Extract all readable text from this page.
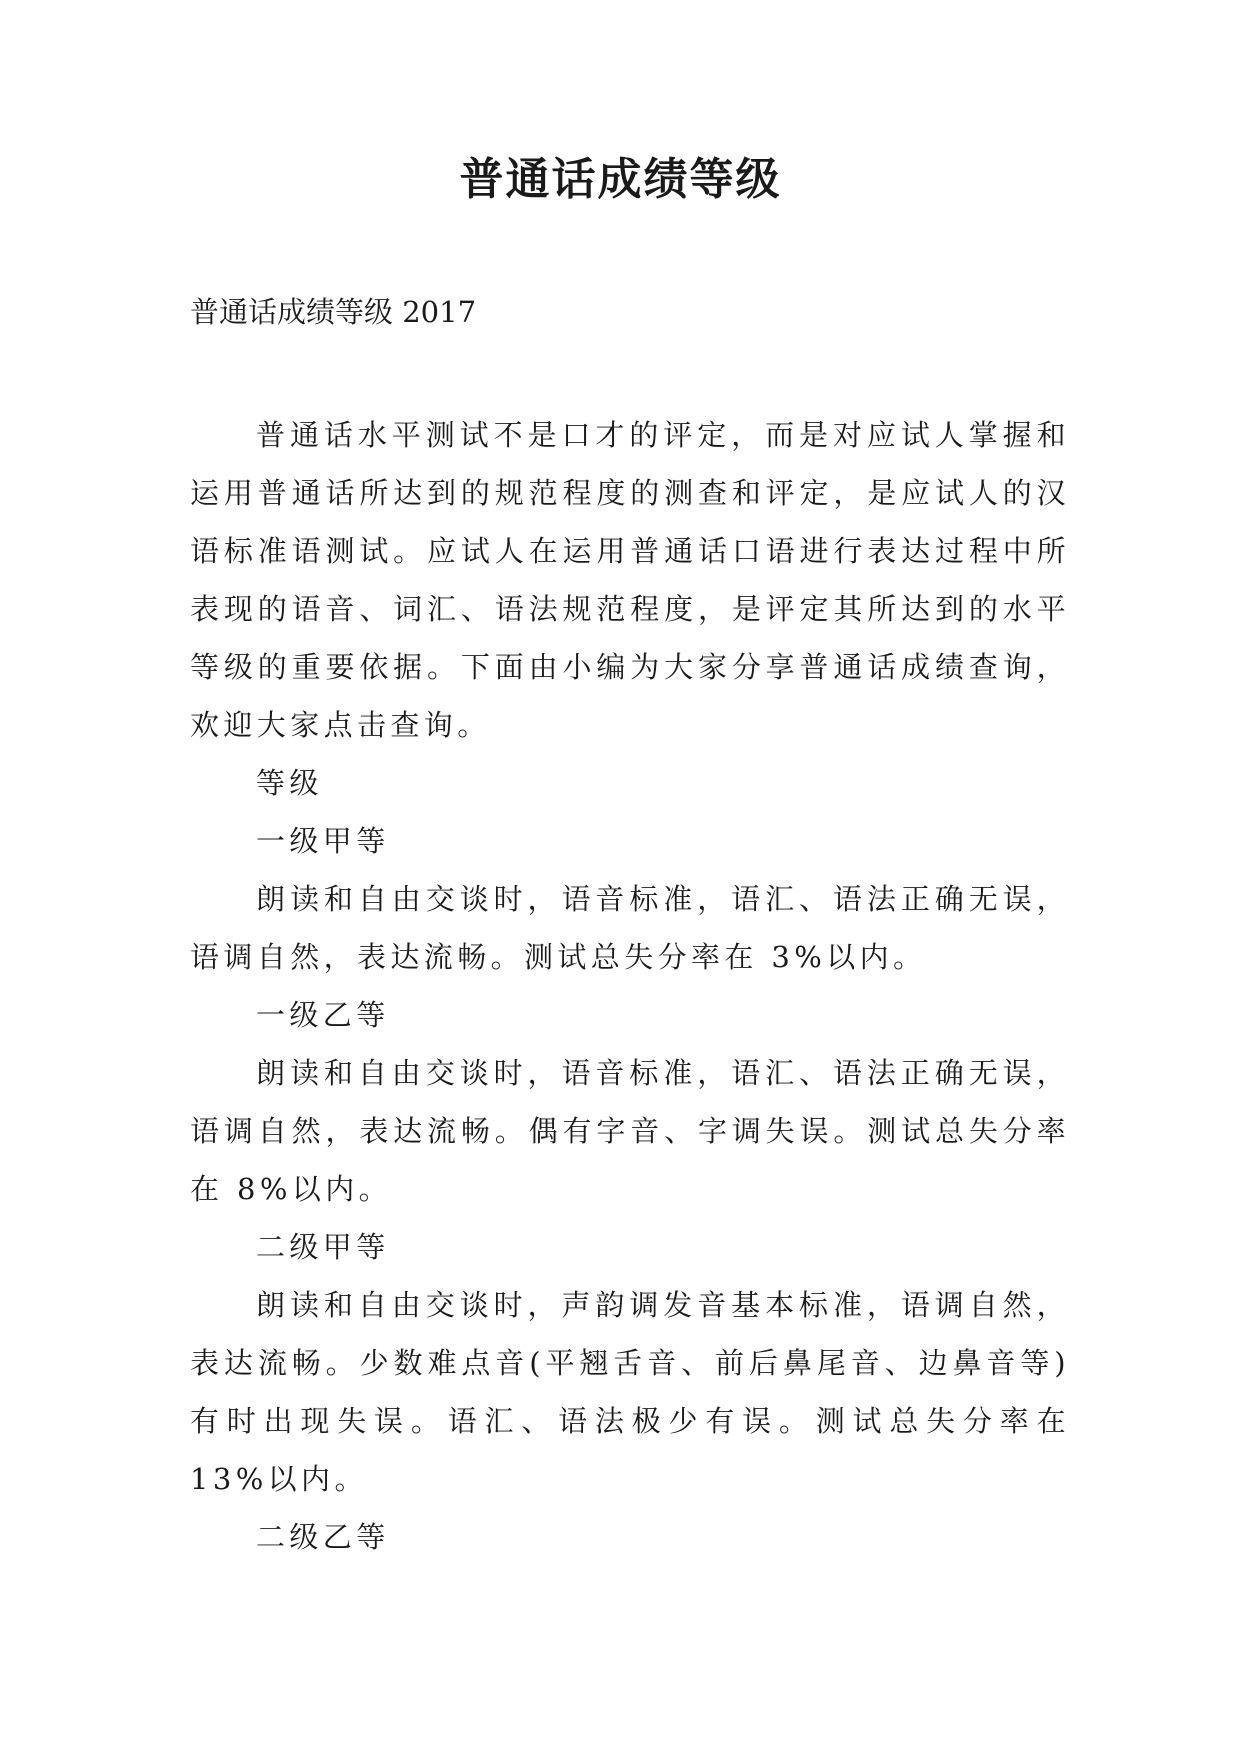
普通话成绩等级

普通话成绩等级 2017

普通话水平测试不是口才的评定，而是对应试人掌握和运用普通话所达到的规范程度的测查和评定，是应试人的汉语标准语测试。应试人在运用普通话口语进行表达过程中所表现的语音、词汇、语法规范程度，是评定其所达到的水平等级的重要依据。下面由小编为大家分享普通话成绩查询，欢迎大家点击查询。

等级

一级甲等

朗读和自由交谈时，语音标准，语汇、语法正确无误，语调自然，表达流畅。测试总失分率在 3%以内。

一级乙等

朗读和自由交谈时，语音标准，语汇、语法正确无误，语调自然，表达流畅。偶有字音、字调失误。测试总失分率在 8%以内。

二级甲等

朗读和自由交谈时，声韵调发音基本标准，语调自然，表达流畅。少数难点音(平翘舌音、前后鼻尾音、边鼻音等)有时出现失误。语汇、语法极少有误。测试总失分率在 13%以内。

二级乙等
